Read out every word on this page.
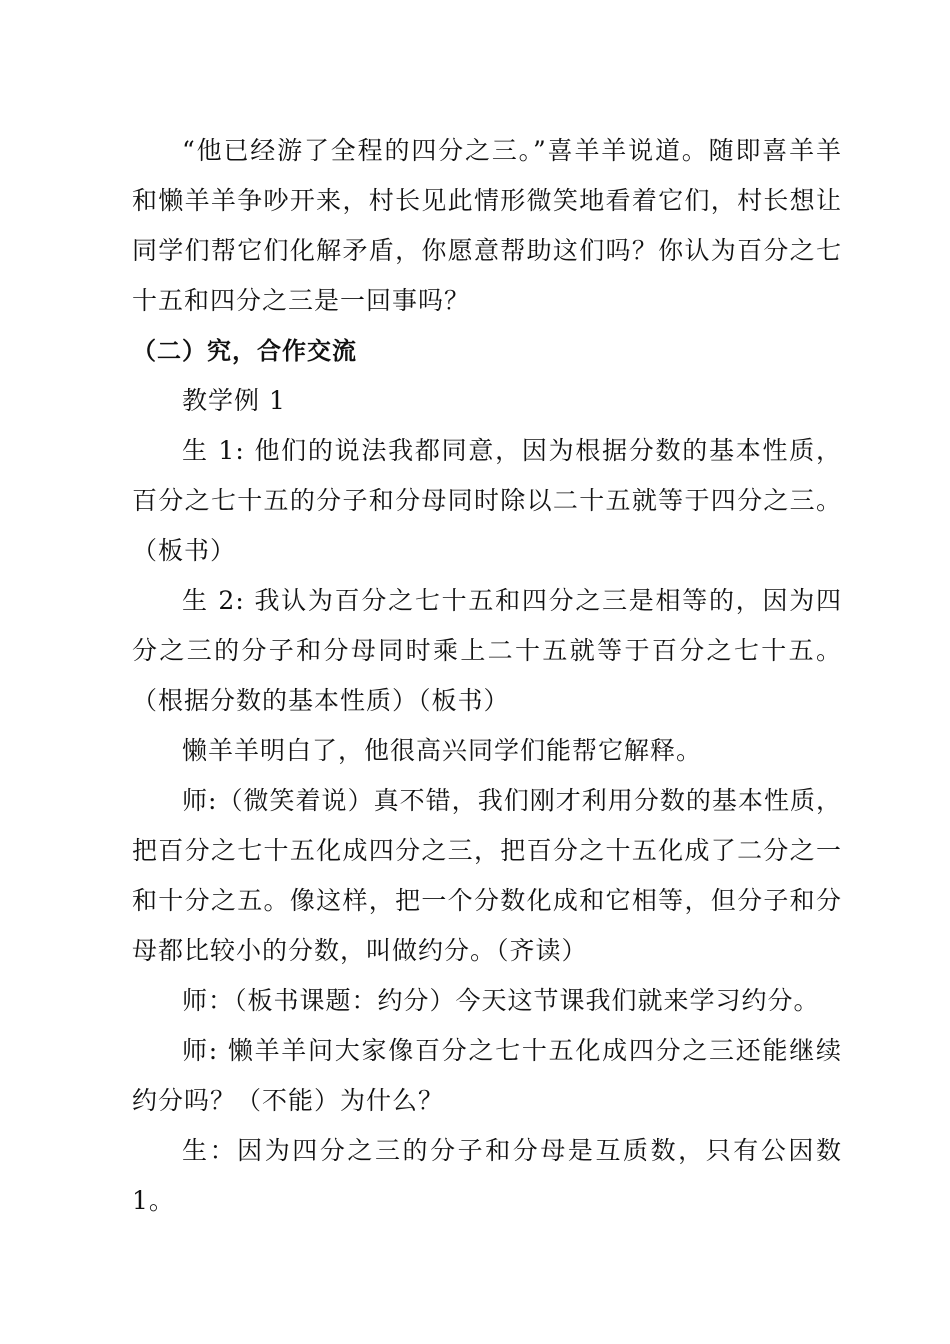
“他已经游了全程的四分之三。”喜羊羊说道。随即喜羊羊和懒羊羊争吵开来，村长见此情形微笑地看着它们，村长想让同学们帮它们化解矛盾，你愿意帮助这们吗？你认为百分之七十五和四分之三是一回事吗？

（二）究，合作交流

教学例 1

生 1: 他们的说法我都同意，因为根据分数的基本性质，百分之七十五的分子和分母同时除以二十五就等于四分之三。（板书）

生 2: 我认为百分之七十五和四分之三是相等的，因为四分之三的分子和分母同时乘上二十五就等于百分之七十五。（根据分数的基本性质）（板书）

懒羊羊明白了，他很高兴同学们能帮它解释。

师:（微笑着说）真不错，我们刚才利用分数的基本性质，把百分之七十五化成四分之三，把百分之十五化成了二分之一和十分之五。像这样，把一个分数化成和它相等，但分子和分母都比较小的分数，叫做约分。（齐读）

师：（板书课题：约分）今天这节课我们就来学习约分。

师: 懒羊羊问大家像百分之七十五化成四分之三还能继续约分吗？（不能）为什么？

生：因为四分之三的分子和分母是互质数，只有公因数 1。
